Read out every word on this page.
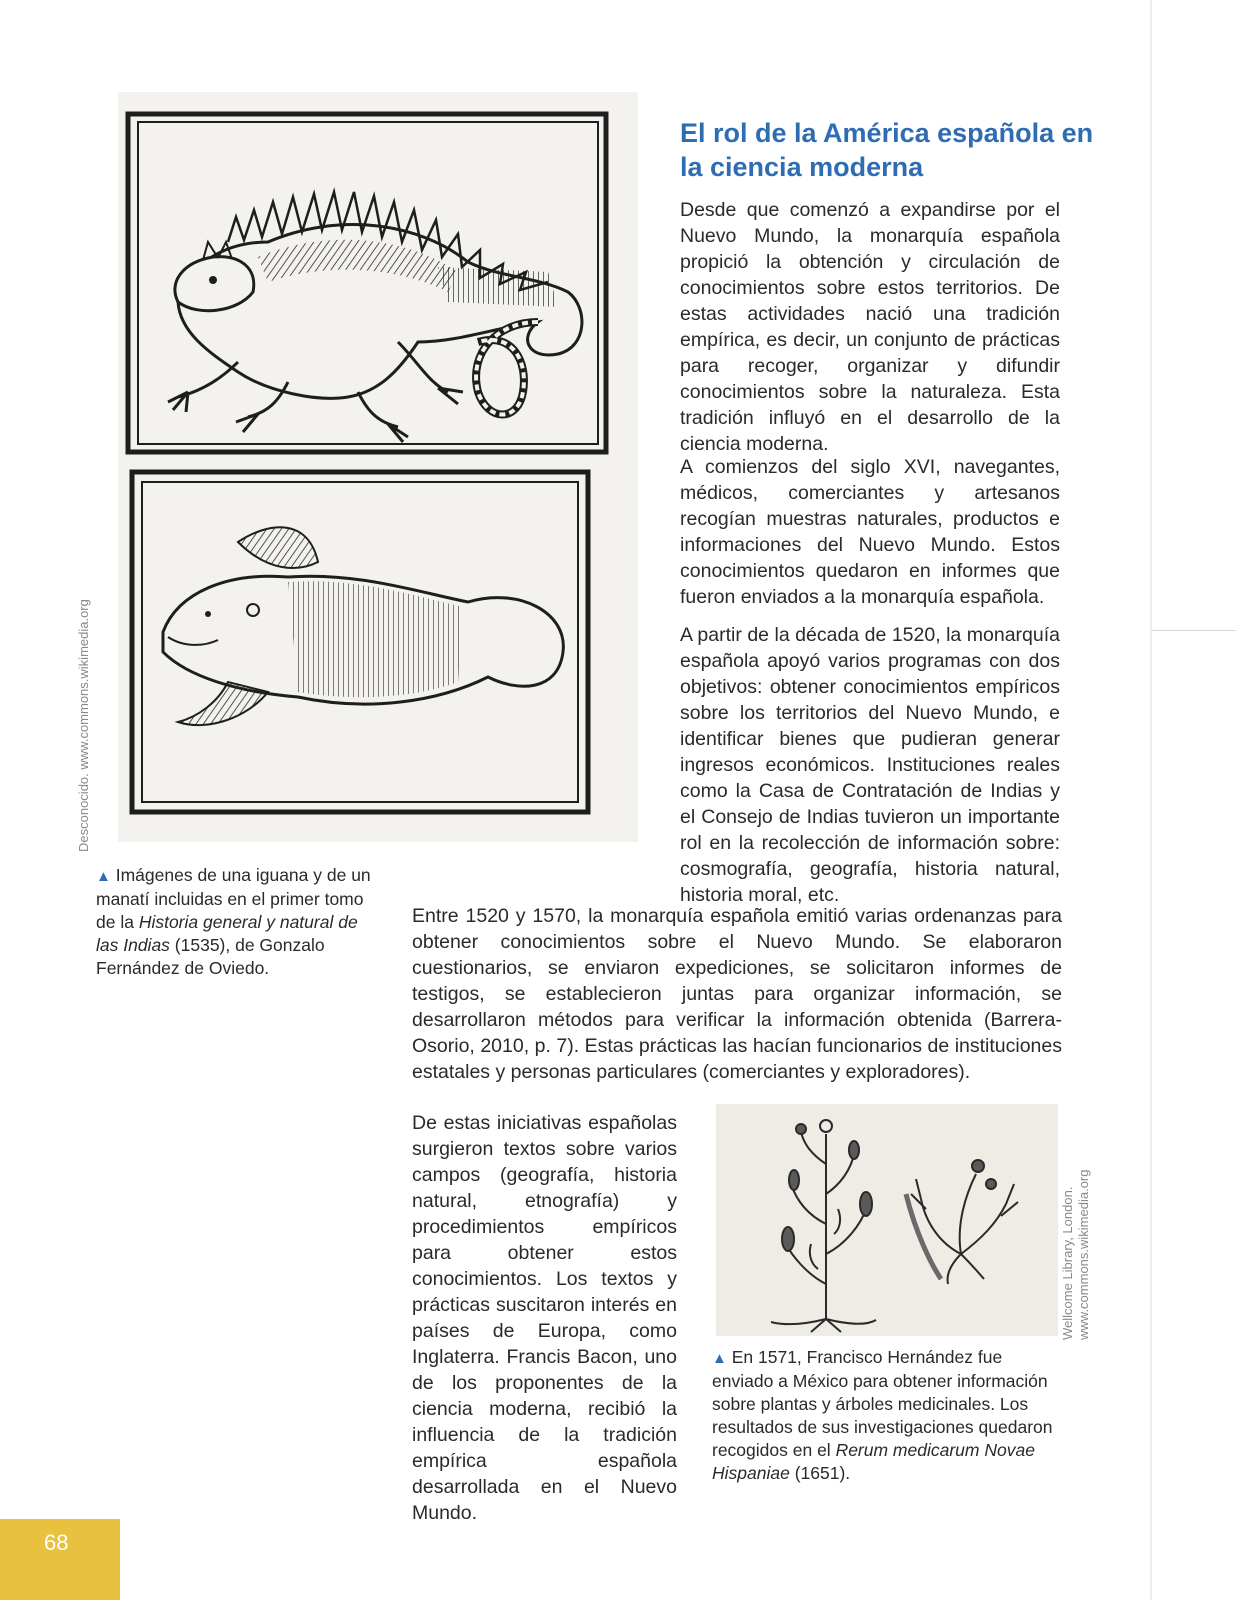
Desconocido. www.commons.wikimedia.org
▲ Imágenes de una iguana y de un manatí incluidas en el primer tomo de la Historia general y natural de las Indias (1535), de Gonzalo Fernández de Oviedo.
El rol de la América española en la ciencia moderna

Desde que comenzó a expandirse por el Nuevo Mundo, la monarquía española propició la obtención y circulación de conocimientos sobre estos territorios. De estas actividades nació una tradición empírica, es decir, un conjunto de prácticas para recoger, organizar y difundir conocimientos sobre la naturaleza. Esta tradición influyó en el desarrollo de la ciencia moderna.

A comienzos del siglo XVI, navegantes, médicos, comerciantes y artesanos recogían muestras naturales, productos e informaciones del Nuevo Mundo. Estos conocimientos quedaron en informes que fueron enviados a la monarquía española.

A partir de la década de 1520, la monarquía española apoyó varios programas con dos objetivos: obtener conocimientos empíricos sobre los territorios del Nuevo Mundo, e identificar bienes que pudieran generar ingresos económicos. Instituciones reales como la Casa de Contratación de Indias y el Consejo de Indias tuvieron un importante rol en la recolección de información sobre: cosmografía, geografía, historia natural, historia moral, etc.

Entre 1520 y 1570, la monarquía española emitió varias ordenanzas para obtener conocimientos sobre el Nuevo Mundo. Se elaboraron cuestionarios, se enviaron expediciones, se solicitaron informes de testigos, se establecieron juntas para organizar información, se desarrollaron métodos para verificar la información obtenida (Barrera-Osorio, 2010, p. 7). Estas prácticas las hacían funcionarios de instituciones estatales y personas particulares (comerciantes y exploradores).

De estas iniciativas españolas surgieron textos sobre varios campos (geografía, historia natural, etnografía) y procedimientos empíricos para obtener estos conocimientos. Los textos y prácticas suscitaron interés en países de Europa, como Inglaterra. Francis Bacon, uno de los proponentes de la ciencia moderna, recibió la influencia de la tradición empírica española desarrollada en el Nuevo Mundo.

▲ En 1571, Francisco Hernández fue enviado a México para obtener información sobre plantas y árboles medicinales. Los resultados de sus investigaciones quedaron recogidos en el Rerum medicarum Novae Hispaniae (1651).
Wellcome Library, London. www.commons.wikimedia.org
68
